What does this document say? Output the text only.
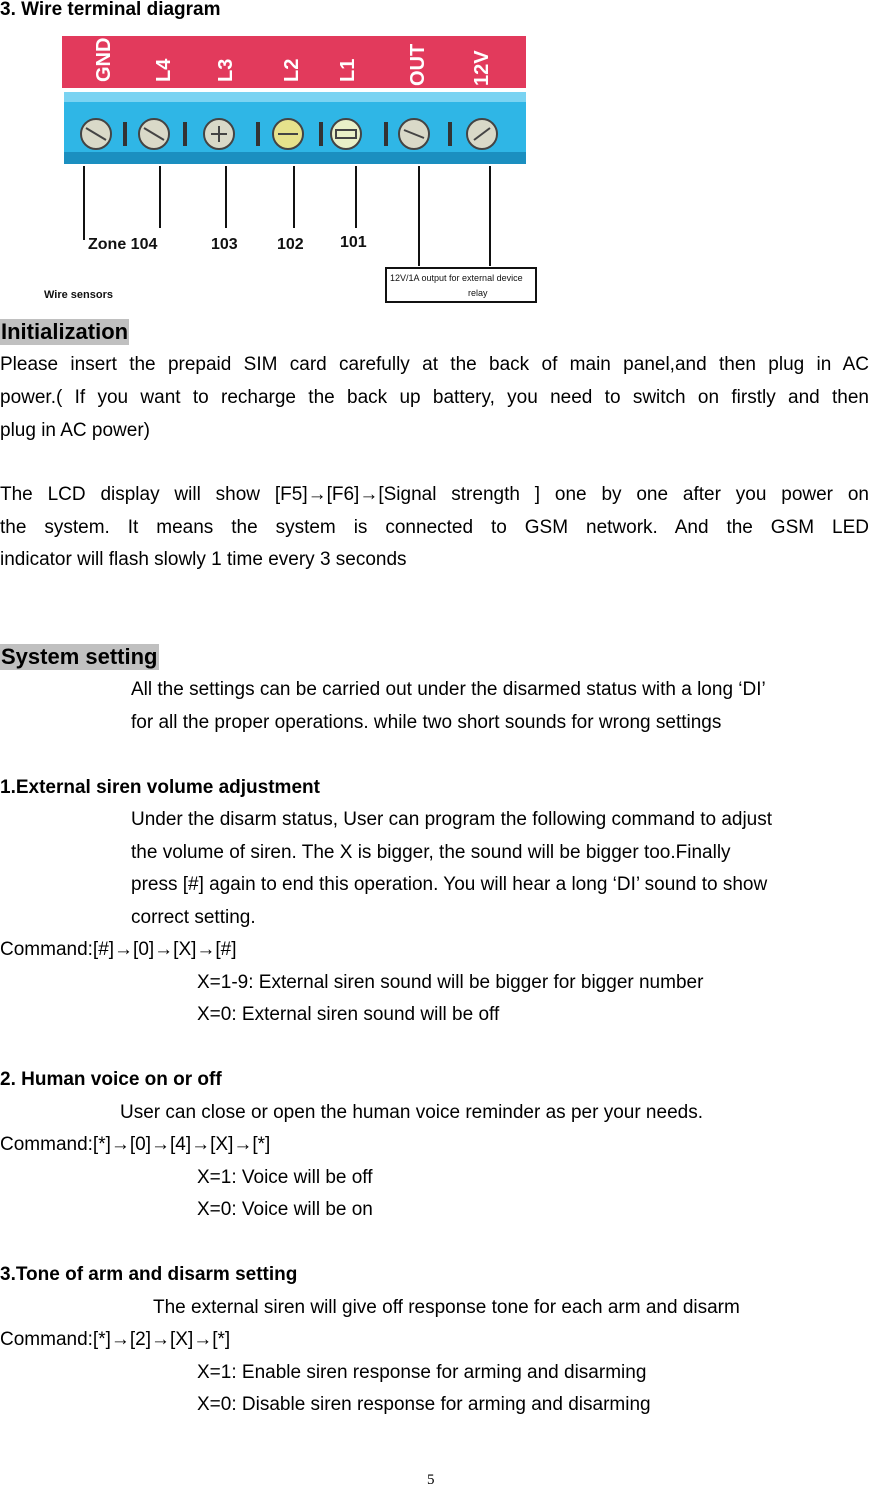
3. Wire terminal diagram
GND L4 L3 L2 L1 OUT 12V
Zone 104	103 102 101
Wire sensors
12V/1A output for external device
relay
Initialization
Please insert the prepaid SIM card carefully at the back of main panel,and then plug in AC
power.( If you want to recharge the back up battery, you need to switch on firstly and then
plug in AC power)
The LCD display will show [F5]→[F6]→[Signal strength ] one by one after you power on
the system. It means the system is connected to GSM network. And the GSM LED
indicator will flash slowly 1 time every 3 seconds
System setting
All the settings can be carried out under the disarmed status with a long ‘DI’
for all the proper operations. while two short sounds for wrong settings
1.External siren volume adjustment
Under the disarm status, User can program the following command to adjust
the volume of siren. The X is bigger, the sound will be bigger too.Finally
press [#] again to end this operation. You will hear a long ‘DI’ sound to show
correct setting.
Command:[#]→[0]→[X]→[#]
X=1-9: External siren sound will be bigger for bigger number
X=0: External siren sound will be off
2. Human voice on or off
User can close or open the human voice reminder as per your needs.
Command:[*]→[0]→[4]→[X]→[*]
X=1: Voice will be off
X=0: Voice will be on
3.Tone of arm and disarm setting
The external siren will give off response tone for each arm and disarm
Command:[*]→[2]→[X]→[*]
X=1: Enable siren response for arming and disarming
X=0: Disable siren response for arming and disarming
5
